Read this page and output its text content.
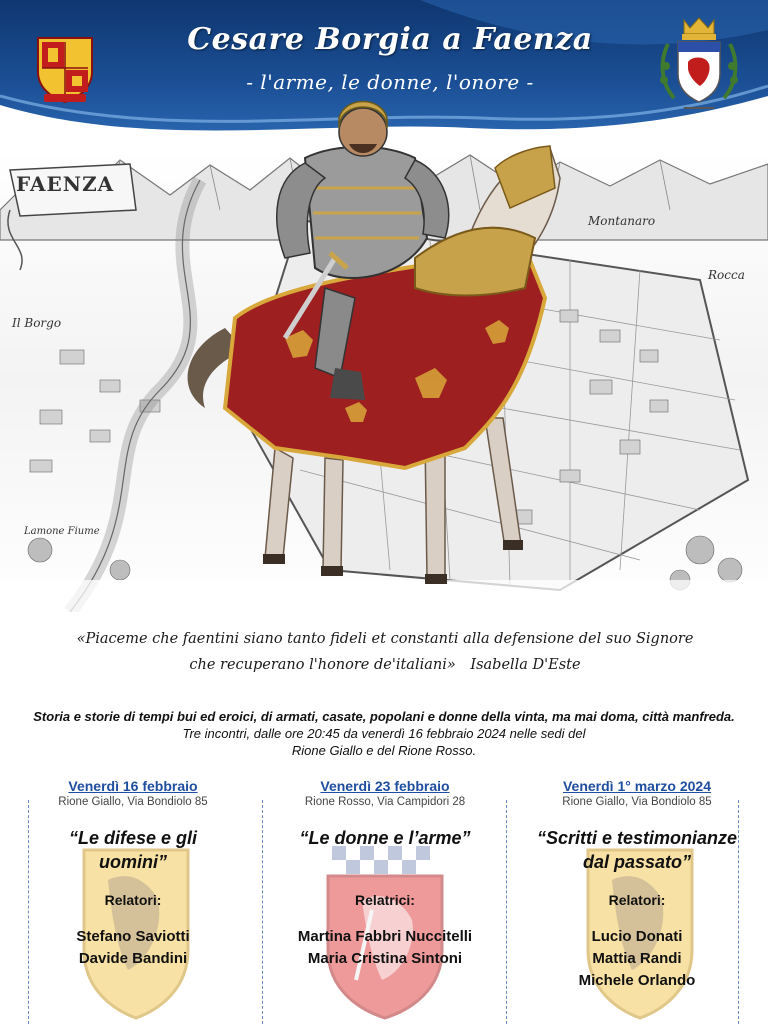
Cesare Borgia a Faenza
- l'arme, le donne, l'onore -
FAENZA
Il Borgo
Montanaro
Rocca
Lamone Fiume
«Piaceme che faentini siano tanto fideli et constanti alla defensione del suo Signore
che recuperano l'honore de'italiani» Isabella D'Este
Storia e storie di tempi bui ed eroici, di armati, casate, popolani e donne della vinta, ma mai doma, città manfreda. Tre incontri, dalle ore 20:45 da venerdì 16 febbraio 2024 nelle sedi del
Rione Giallo e del Rione Rosso.
Venerdì 16 febbraio
Rione Giallo, Via Bondiolo 85
“Le difese e gli
uomini”
Relatori:
Stefano Saviotti
Davide Bandini
Venerdì 23 febbraio
Rione Rosso, Via Campidori 28
“Le donne e l’arme”
Relatrici:
Martina Fabbri Nuccitelli
Maria Cristina Sintoni
Venerdì 1° marzo 2024
Rione Giallo, Via Bondiolo 85
“Scritti e testimonianze
dal passato”
Relatori:
Lucio Donati
Mattia Randi
Michele Orlando
